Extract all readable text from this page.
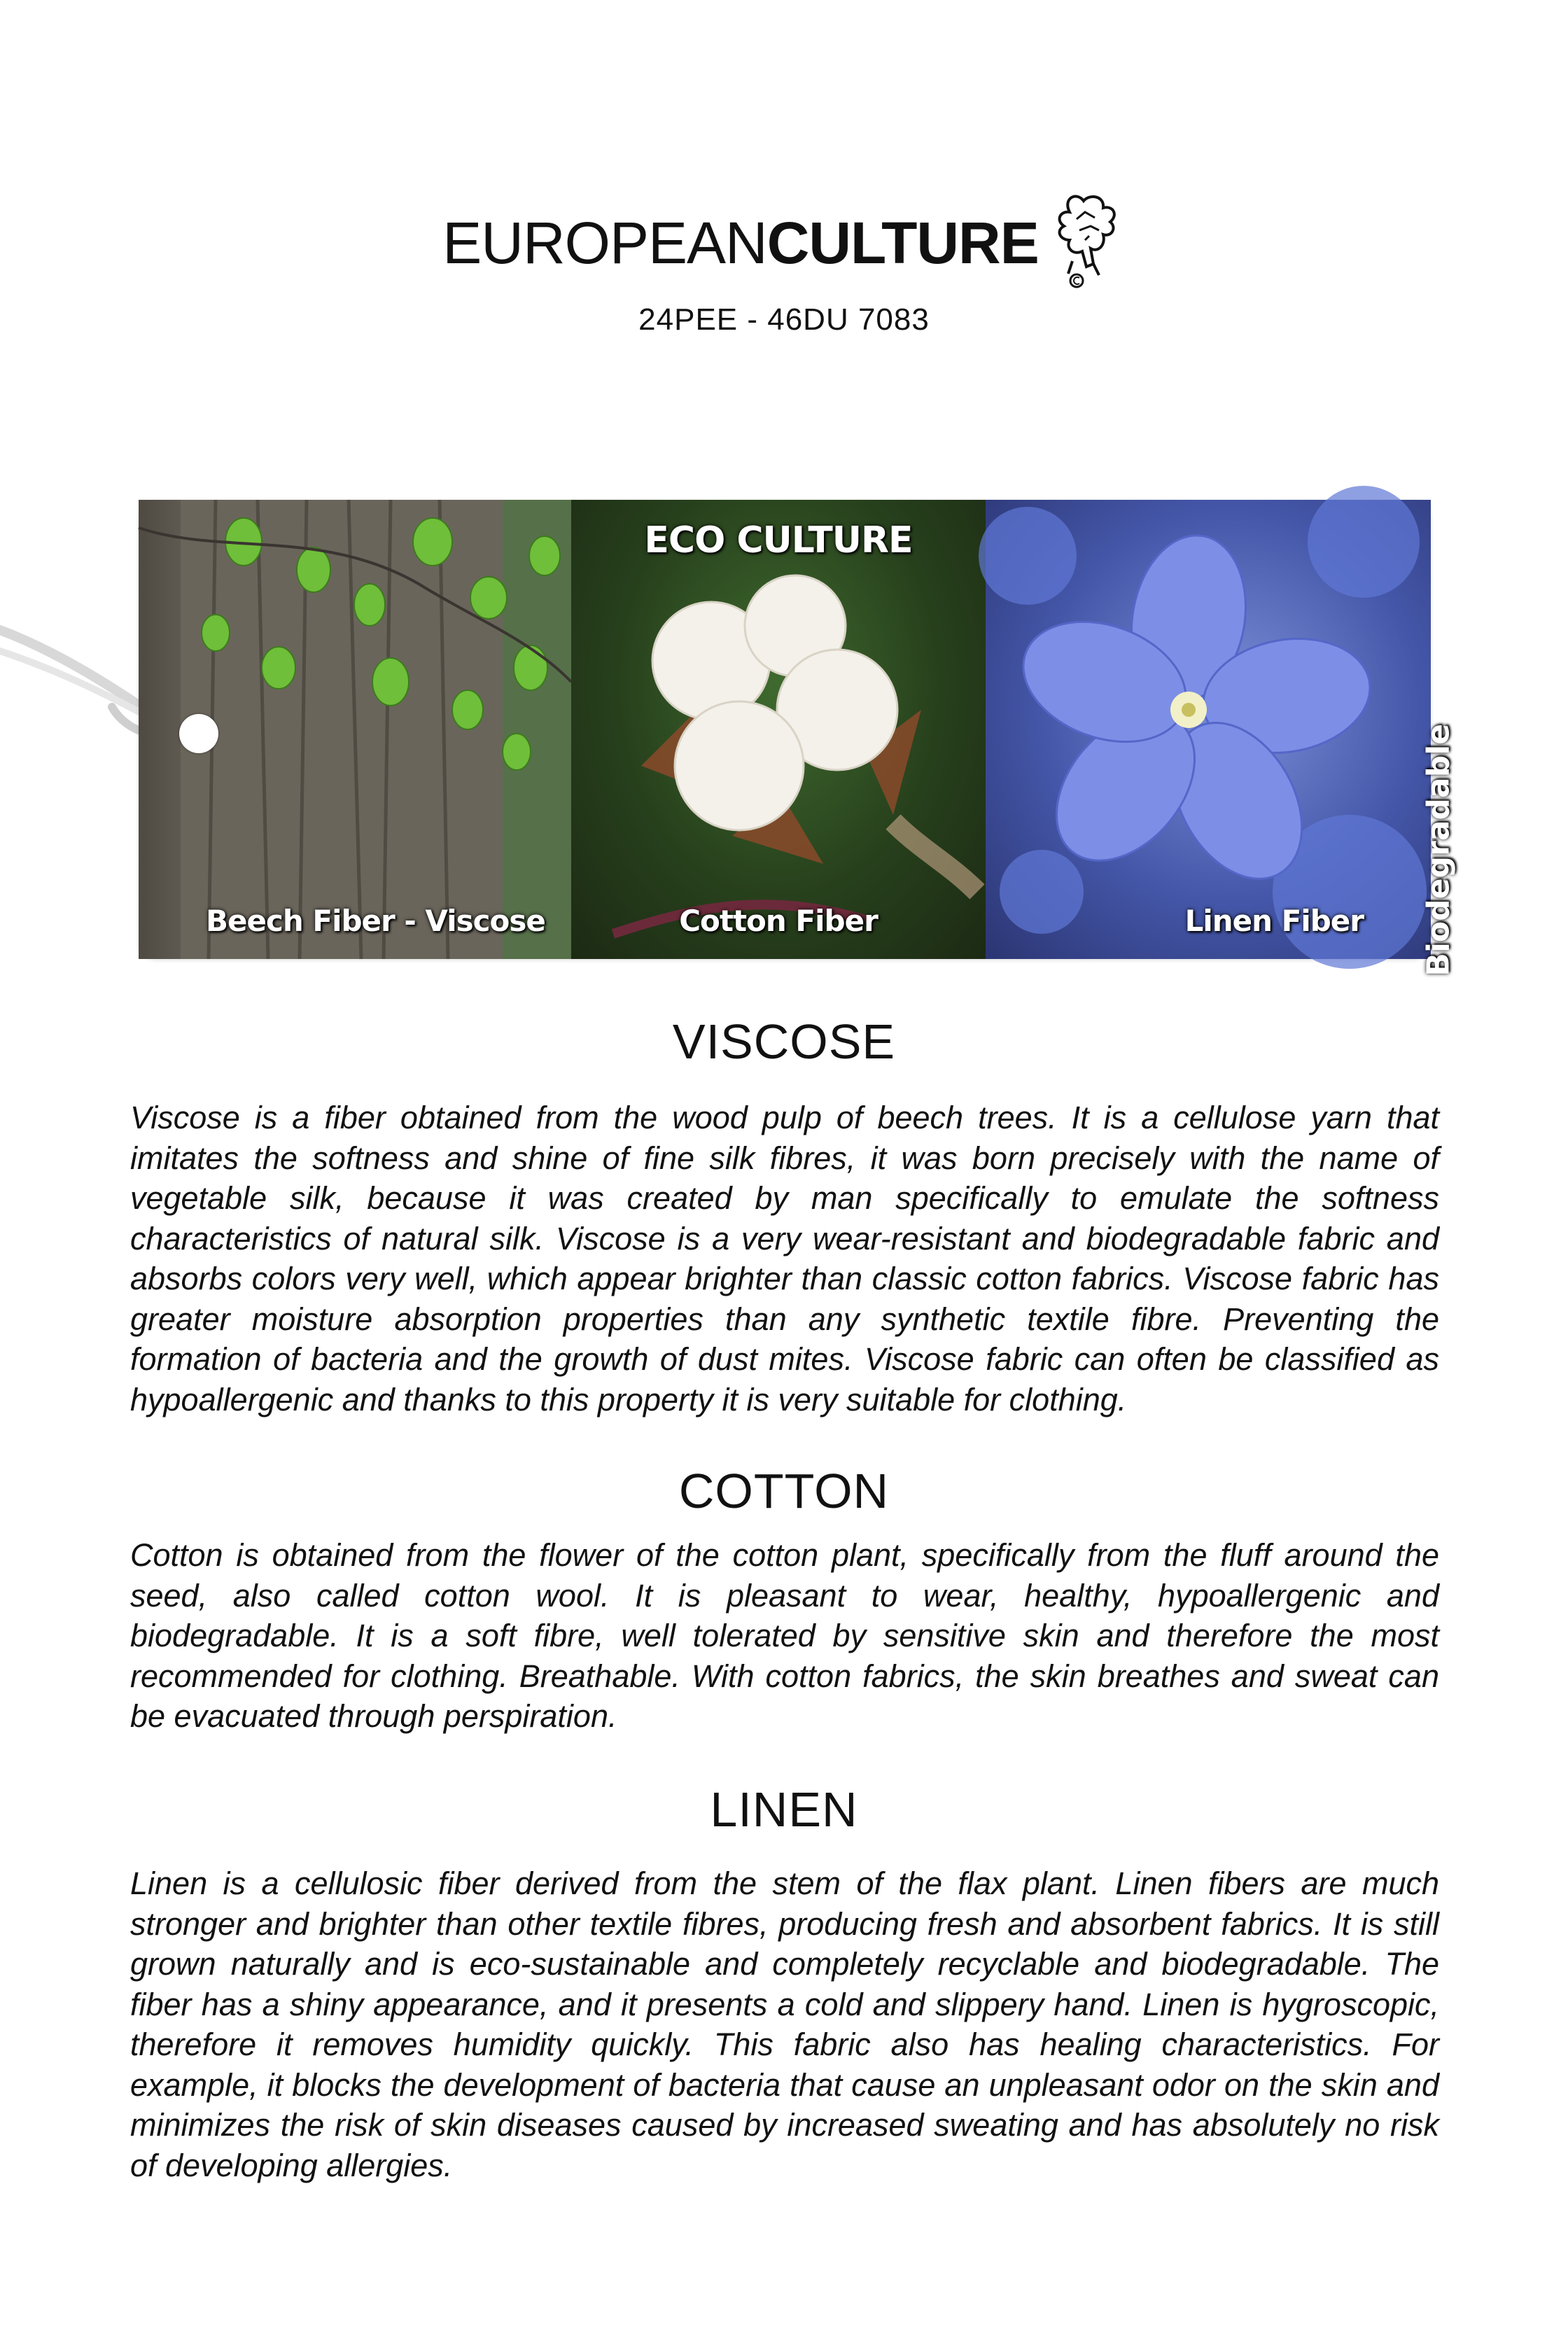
EUROPEANCULTURE
24PEE - 46DU 7083
Beech Fiber - Viscose
ECO CULTURE
Cotton Fiber	Biodegradable
Linen Fiber
VISCOSE

Viscose is a fiber obtained from the wood pulp of beech trees. It is a cellulose yarn that imitates the softness and shine of fine silk fibres, it was born precisely with the name of vegetable silk, because it was created by man specifically to emulate the softness characteristics of natural silk. Viscose is a very wear-resistant and biodegradable fabric and absorbs colors very well, which appear brighter than classic cotton fabrics. Viscose fabric has greater moisture absorption properties than any synthetic textile fibre. Preventing the formation of bacteria and the growth of dust mites. Viscose fabric can often be classified as hypoallergenic and thanks to this property it is very suitable for clothing.

COTTON

Cotton is obtained from the flower of the cotton plant, specifically from the fluff around the seed, also called cotton wool. It is pleasant to wear, healthy, hypoallergenic and biodegradable. It is a soft fibre, well tolerated by sensitive skin and therefore the most recommended for clothing. Breathable. With cotton fabrics, the skin breathes and sweat can be evacuated through perspiration.

LINEN

Linen is a cellulosic fiber derived from the stem of the flax plant. Linen fibers are much stronger and brighter than other textile fibres, producing fresh and absorbent fabrics. It is still grown naturally and is eco-sustainable and completely recyclable and biodegradable. The fiber has a shiny appearance, and it presents a cold and slippery hand. Linen is hygroscopic, therefore it removes humidity quickly. This fabric also has healing characteristics. For example, it blocks the development of bacteria that cause an unpleasant odor on the skin and minimizes the risk of skin diseases caused by increased sweating and has absolutely no risk of developing allergies.
